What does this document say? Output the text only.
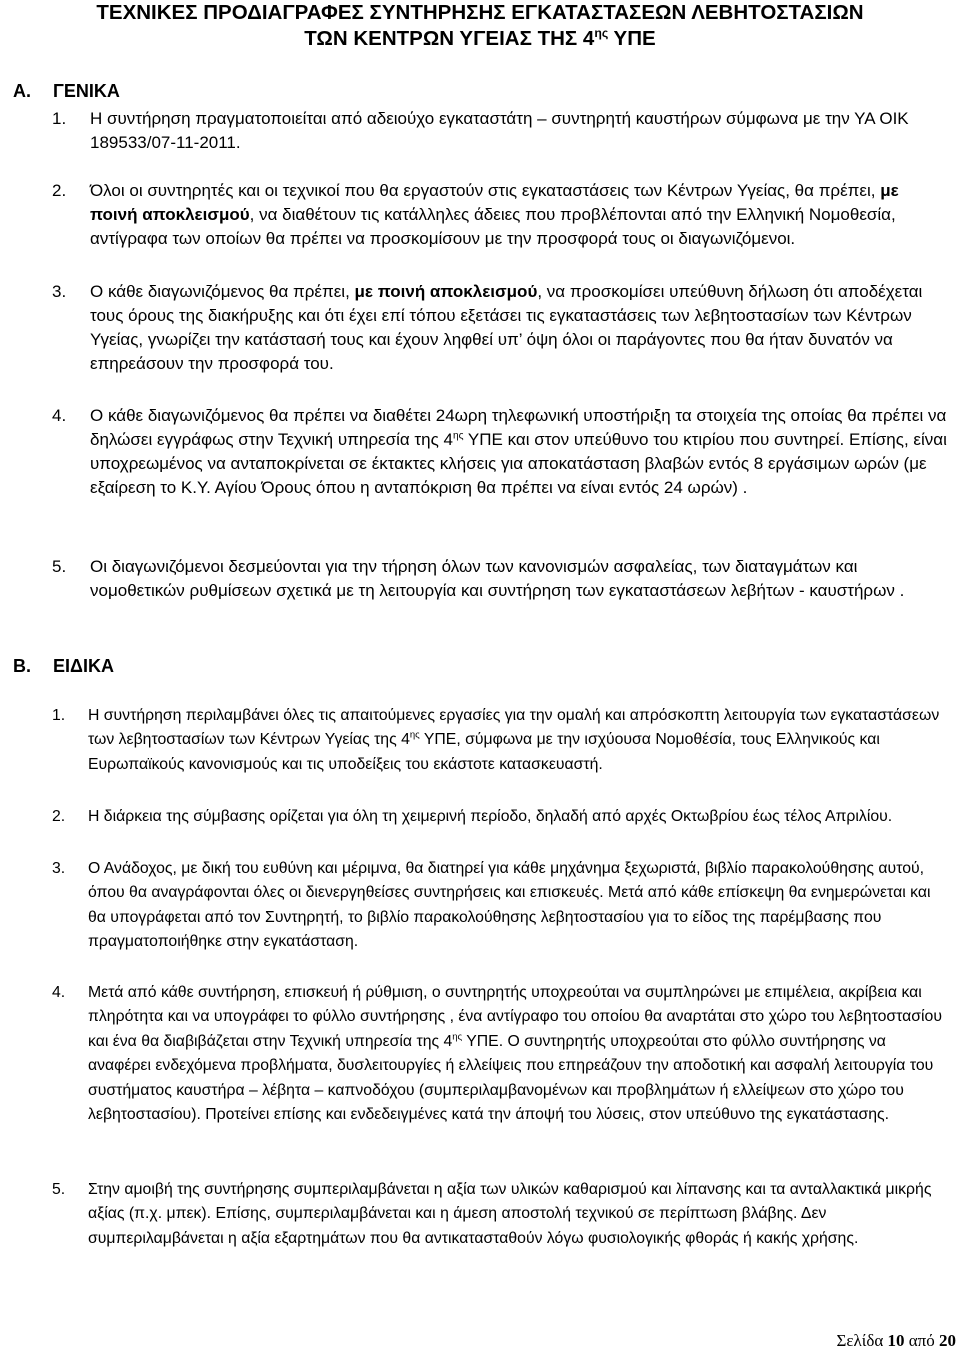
ΤΕΧΝΙΚΕΣ ΠΡΟΔΙΑΓΡΑΦΕΣ ΣΥΝΤΗΡΗΣΗΣ ΕΓΚΑΤΑΣΤΑΣΕΩΝ ΛΕΒΗΤΟΣΤΑΣΙΩΝ
ΤΩΝ ΚΕΝΤΡΩΝ ΥΓΕΙΑΣ ΤΗΣ $4^{\eta\varsigma}$ ΥΠΕ
A. ΓΕΝΙΚΑ
1. Η συντήρηση πραγματοποιείται από αδειούχο εγκαταστάτη – συντηρητή καυστήρων σύμφωνα με την ΥΑ ΟΙΚ 189533/07-11-2011.
2. Όλοι οι συντηρητές και οι τεχνικοί που θα εργαστούν στις εγκαταστάσεις των Κέντρων Υγείας, θα πρέπει, με ποινή αποκλεισμού, να διαθέτουν τις κατάλληλες άδειες που προβλέπονται από την Ελληνική Νομοθεσία, αντίγραφα των οποίων θα πρέπει να προσκομίσουν με την προσφορά τους οι διαγωνιζόμενοι.
3. Ο κάθε διαγωνιζόμενος θα πρέπει, με ποινή αποκλεισμού, να προσκομίσει υπεύθυνη δήλωση ότι αποδέχεται τους όρους της διακήρυξης και ότι έχει επί τόπου εξετάσει τις εγκαταστάσεις των λεβητοστασίων των Κέντρων Υγείας, γνωρίζει την κατάστασή τους και έχουν ληφθεί υπ’ όψη όλοι οι παράγοντες που θα ήταν δυνατόν να επηρεάσουν την προσφορά του.
4. Ο κάθε διαγωνιζόμενος θα πρέπει να διαθέτει 24ωρη τηλεφωνική υποστήριξη τα στοιχεία της οποίας θα πρέπει να δηλώσει εγγράφως στην Τεχνική υπηρεσία της $4^{\eta\varsigma}$ ΥΠΕ και στον υπεύθυνο του κτιρίου που συντηρεί. Επίσης, είναι υποχρεωμένος να ανταποκρίνεται σε έκτακτες κλήσεις για αποκατάσταση βλαβών εντός 8 εργάσιμων ωρών (με εξαίρεση το Κ.Υ. Αγίου Όρους όπου η ανταπόκριση θα πρέπει να είναι εντός 24 ωρών) .
5. Οι διαγωνιζόμενοι δεσμεύονται για την τήρηση όλων των κανονισμών ασφαλείας, των διαταγμάτων και νομοθετικών ρυθμίσεων σχετικά με τη λειτουργία και συντήρηση των εγκαταστάσεων λεβήτων - καυστήρων .
B. ΕΙΔΙΚΑ
1. Η συντήρηση περιλαμβάνει όλες τις απαιτούμενες εργασίες για την ομαλή και απρόσκοπτη λειτουργία των εγκαταστάσεων των λεβητοστασίων των Κέντρων Υγείας της $4^{\eta\varsigma}$ ΥΠΕ, σύμφωνα με την ισχύουσα Νομοθέσία, τους Ελληνικούς και Ευρωπαϊκούς κανονισμούς και τις υποδείξεις του εκάστοτε κατασκευαστή.
2. Η διάρκεια της σύμβασης ορίζεται για όλη τη χειμερινή περίοδο, δηλαδή από αρχές Οκτωβρίου έως τέλος Απριλίου.
3. Ο Ανάδοχος, με δική του ευθύνη και μέριμνα, θα διατηρεί για κάθε μηχάνημα ξεχωριστά, βιβλίο παρακολούθησης αυτού, όπου θα αναγράφονται όλες οι διενεργηθείσες συντηρήσεις και επισκευές. Μετά από κάθε επίσκεψη θα ενημερώνεται και θα υπογράφεται από τον Συντηρητή, το βιβλίο παρακολούθησης λεβητοστασίου για το είδος της παρέμβασης που πραγματοποιήθηκε στην εγκατάσταση.
4. Μετά από κάθε συντήρηση, επισκευή ή ρύθμιση, ο συντηρητής υποχρεούται να συμπληρώνει με επιμέλεια, ακρίβεια και πληρότητα και να υπογράφει το φύλλο συντήρησης , ένα αντίγραφο του οποίου θα αναρτάται στο χώρο του λεβητοστασίου και ένα θα διαβιβάζεται στην Τεχνική υπηρεσία της $4^{\eta\varsigma}$ ΥΠΕ. Ο συντηρητής υποχρεούται στο φύλλο συντήρησης να αναφέρει ενδεχόμενα προβλήματα, δυσλειτουργίες ή ελλείψεις που επηρεάζουν την αποδοτική και ασφαλή λειτουργία του συστήματος καυστήρα – λέβητα – καπνοδόχου (συμπεριλαμβανομένων και προβλημάτων ή ελλείψεων στο χώρο του λεβητοστασίου). Προτείνει επίσης και ενδεδειγμένες κατά την άποψή του λύσεις, στον υπεύθυνο της εγκατάστασης.
5. Στην αμοιβή της συντήρησης συμπεριλαμβάνεται η αξία των υλικών καθαρισμού και λίπανσης και τα ανταλλακτικά μικρής αξίας (π.χ. μπεκ). Επίσης, συμπεριλαμβάνεται και η άμεση αποστολή τεχνικού σε περίπτωση βλάβης. Δεν συμπεριλαμβάνεται η αξία εξαρτημάτων που θα αντικατασταθούν λόγω φυσιολογικής φθοράς ή κακής χρήσης.
Σελίδα 10 από 20
